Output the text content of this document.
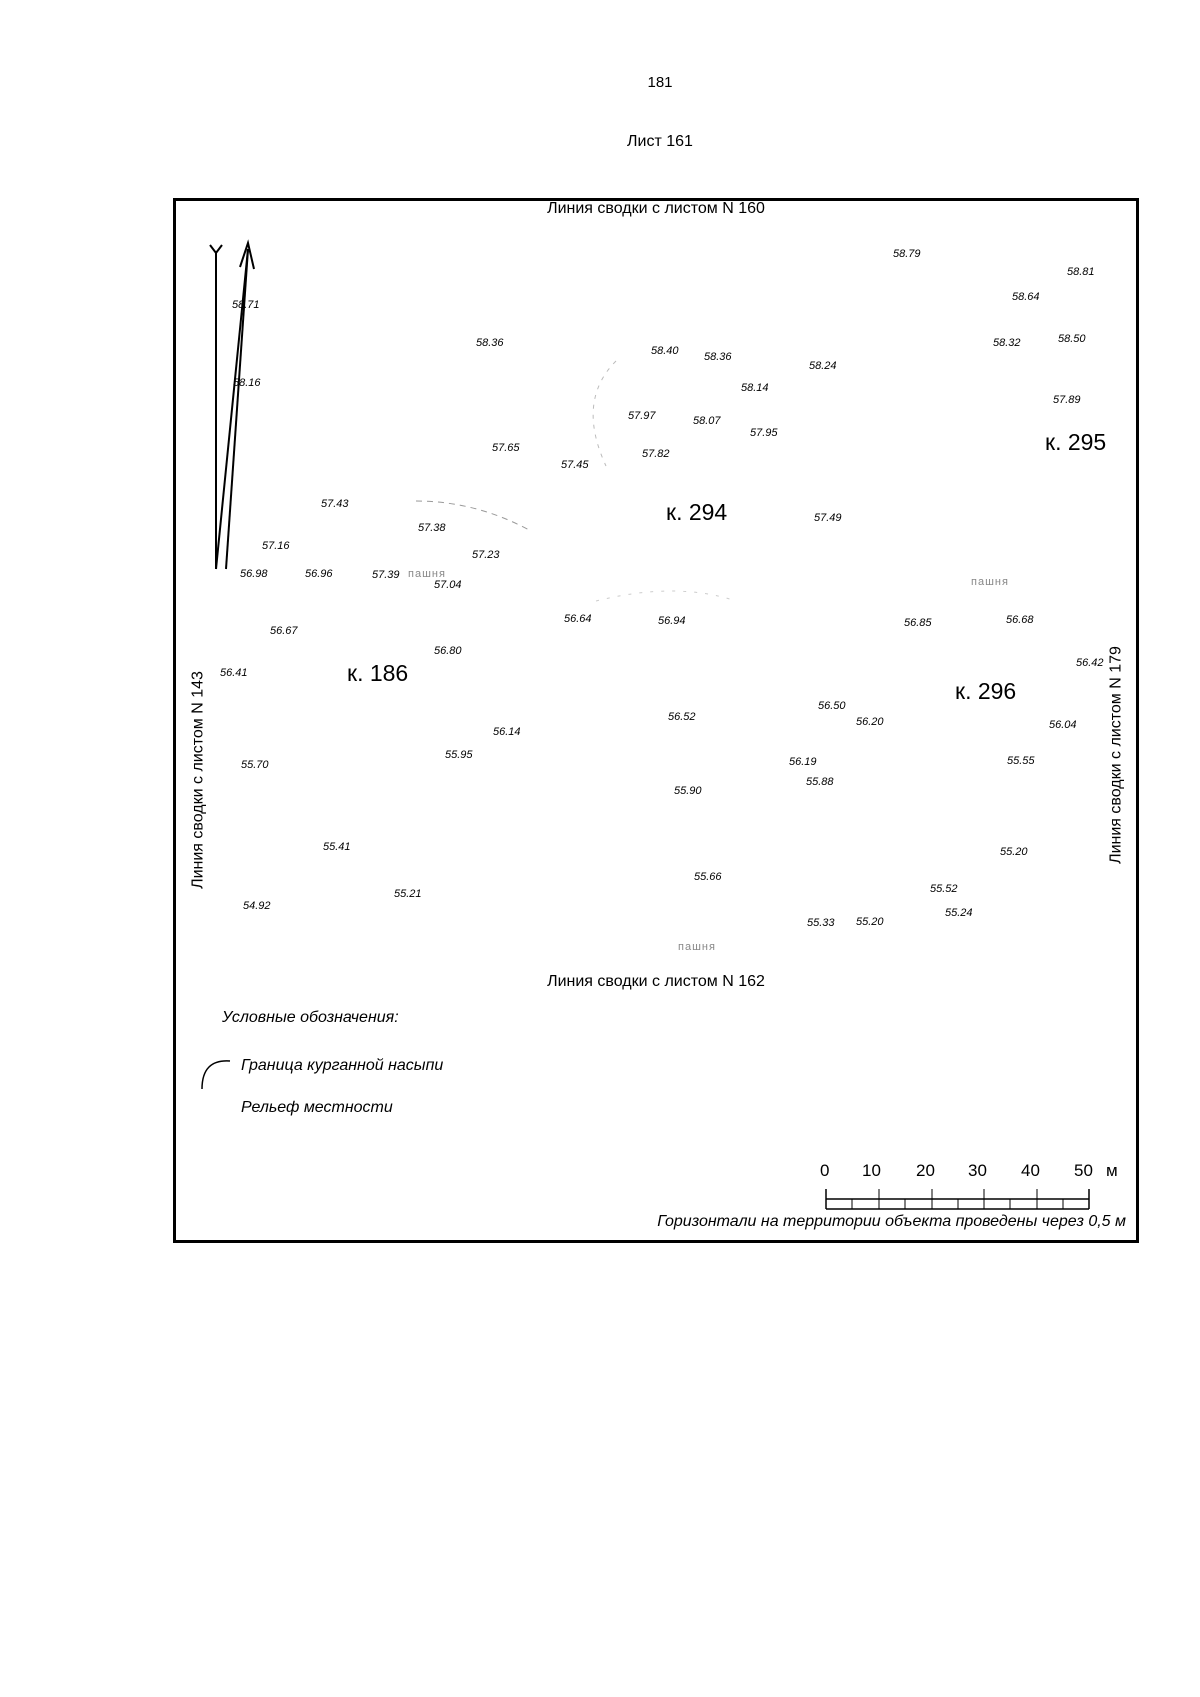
181
Лист 161
Линия сводки с листом N 160
Линия сводки с листом N 162
Линия сводки с листом N 143	Линия сводки с листом N 179
к. 186
к. 294
к. 295
к. 296
пашня
пашня
пашня
58.79
58.81
58.64
58.71
58.36
58.40 58.36
58.24
58.32	58.50
58.16	58.14
57.97	58.07
57.95
57.89
57.65
57.45
57.82
57.43
57.38
57.49
57.16
57.23
56.98	56.96	57.39
57.04
56.64	56.94	56.85	56.68
56.67
56.80
56.41
56.42
56.50
56.52	56.20
56.14
56.04
55.70
55.95
56.19	55.55
55.90
55.88
55.41	55.20
55.66
55.52
55.21
54.92
55.33 55.20
55.24
Условные обозначения:
Граница курганной насыпи
Рельеф местности
0 10 20 30 40 50 м
Горизонтали на территории объекта проведены через 0,5 м
